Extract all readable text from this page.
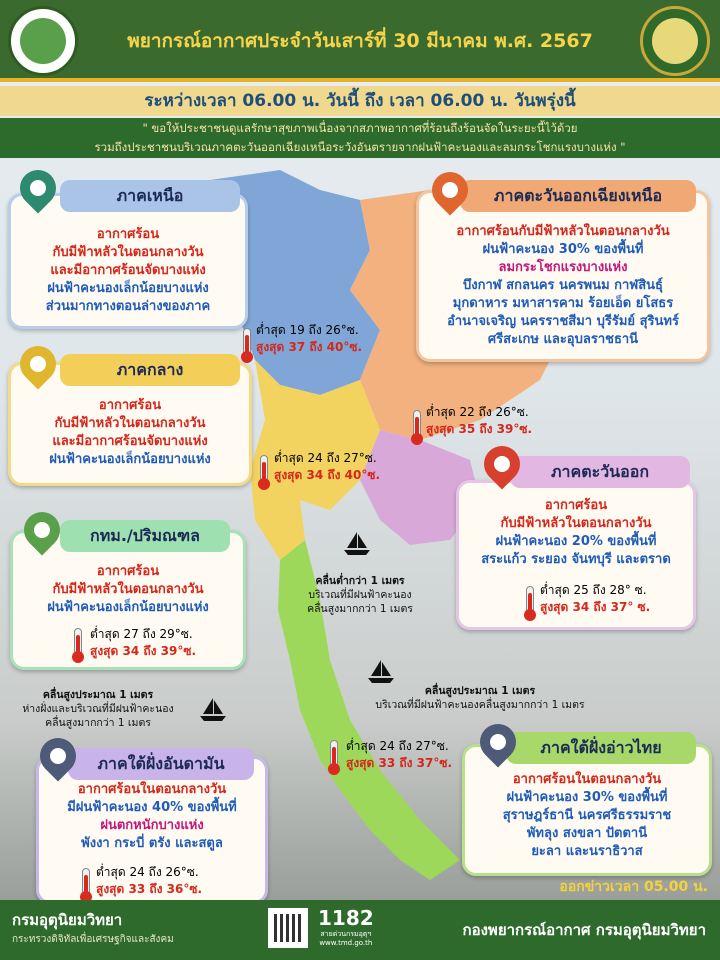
พยากรณ์อากาศประจำวันเสาร์ที่ 30 มีนาคม พ.ศ. 2567
ระหว่างเวลา 06.00 น. วันนี้ ถึง เวลา 06.00 น. วันพรุ่งนี้
" ขอให้ประชาชนดูแลรักษาสุขภาพเนื่องจากสภาพอากาศที่ร้อนถึงร้อนจัดในระยะนี้ไว้ด้วย
รวมถึงประชาชนบริเวณภาคตะวันออกเฉียงเหนือระวังอันตรายจากฝนฟ้าคะนองและลมกระโชกแรงบางแห่ง "
อากาศร้อน
กับมีฟ้าหลัวในตอนกลางวัน
และมีอากาศร้อนจัดบางแห่ง
ฝนฟ้าคะนองเล็กน้อยบางแห่ง
ส่วนมากทางตอนล่างของภาค
ภาคเหนือ
ต่ำสุด 19 ถึง 26°ซ.
สูงสุด 37 ถึง 40°ซ.
อากาศร้อนกับมีฟ้าหลัวในตอนกลางวัน
ฝนฟ้าคะนอง 30% ของพื้นที่
ลมกระโชกแรงบางแห่ง
บึงกาฬ สกลนคร นครพนม กาฬสินธุ์
มุกดาหาร มหาสารคาม ร้อยเอ็ด ยโสธร
อำนาจเจริญ นครราชสีมา บุรีรัมย์ สุรินทร์
ศรีสะเกษ และอุบลราชธานี
ภาคตะวันออกเฉียงเหนือ
ต่ำสุด 22 ถึง 26°ซ.
สูงสุด 35 ถึง 39°ซ.
อากาศร้อน
กับมีฟ้าหลัวในตอนกลางวัน
และมีอากาศร้อนจัดบางแห่ง
ฝนฟ้าคะนองเล็กน้อยบางแห่ง
ภาคกลาง
ต่ำสุด 24 ถึง 27°ซ.
สูงสุด 34 ถึง 40°ซ.
อากาศร้อน
กับมีฟ้าหลัวในตอนกลางวัน
ฝนฟ้าคะนองเล็กน้อยบางแห่ง
กทม./ปริมณฑล
ต่ำสุด 27 ถึง 29°ซ.
สูงสุด 34 ถึง 39°ซ.
อากาศร้อน
กับมีฟ้าหลัวในตอนกลางวัน
ฝนฟ้าคะนอง 20% ของพื้นที่
สระแก้ว ระยอง จันทบุรี และตราด
ภาคตะวันออก
ต่ำสุด 25 ถึง 28° ซ.
สูงสุด 34 ถึง 37° ซ.
คลื่นต่ำกว่า 1 เมตร
บริเวณที่มีฝนฟ้าคะนอง
คลื่นสูงมากกว่า 1 เมตร
คลื่นสูงประมาณ 1 เมตร
ห่างฝั่งและบริเวณที่มีฝนฟ้าคะนอง
คลื่นสูงมากกว่า 1 เมตร
คลื่นสูงประมาณ 1 เมตร
บริเวณที่มีฝนฟ้าคะนองคลื่นสูงมากกว่า 1 เมตร
ต่ำสุด 24 ถึง 27°ซ.
สูงสุด 33 ถึง 37°ซ.
อากาศร้อนในตอนกลางวัน
มีฝนฟ้าคะนอง 40% ของพื้นที่
ฝนตกหนักบางแห่ง
พังงา กระบี่ ตรัง และสตูล
ภาคใต้ฝั่งอันดามัน
ต่ำสุด 24 ถึง 26°ซ.
สูงสุด 33 ถึง 36°ซ.
อากาศร้อนในตอนกลางวัน
ฝนฟ้าคะนอง 30% ของพื้นที่
สุราษฎร์ธานี นครศรีธรรมราช
พัทลุง สงขลา ปัตตานี
ยะลา และนราธิวาส
ภาคใต้ฝั่งอ่าวไทย
ออกข่าวเวลา 05.00 น.
กรมอุตุนิยมวิทยา
กระทรวงดิจิทัลเพื่อเศรษฐกิจและสังคม
1182
สายด่วนกรมอุตุฯ
www.tmd.go.th
กองพยากรณ์อากาศ กรมอุตุนิยมวิทยา
